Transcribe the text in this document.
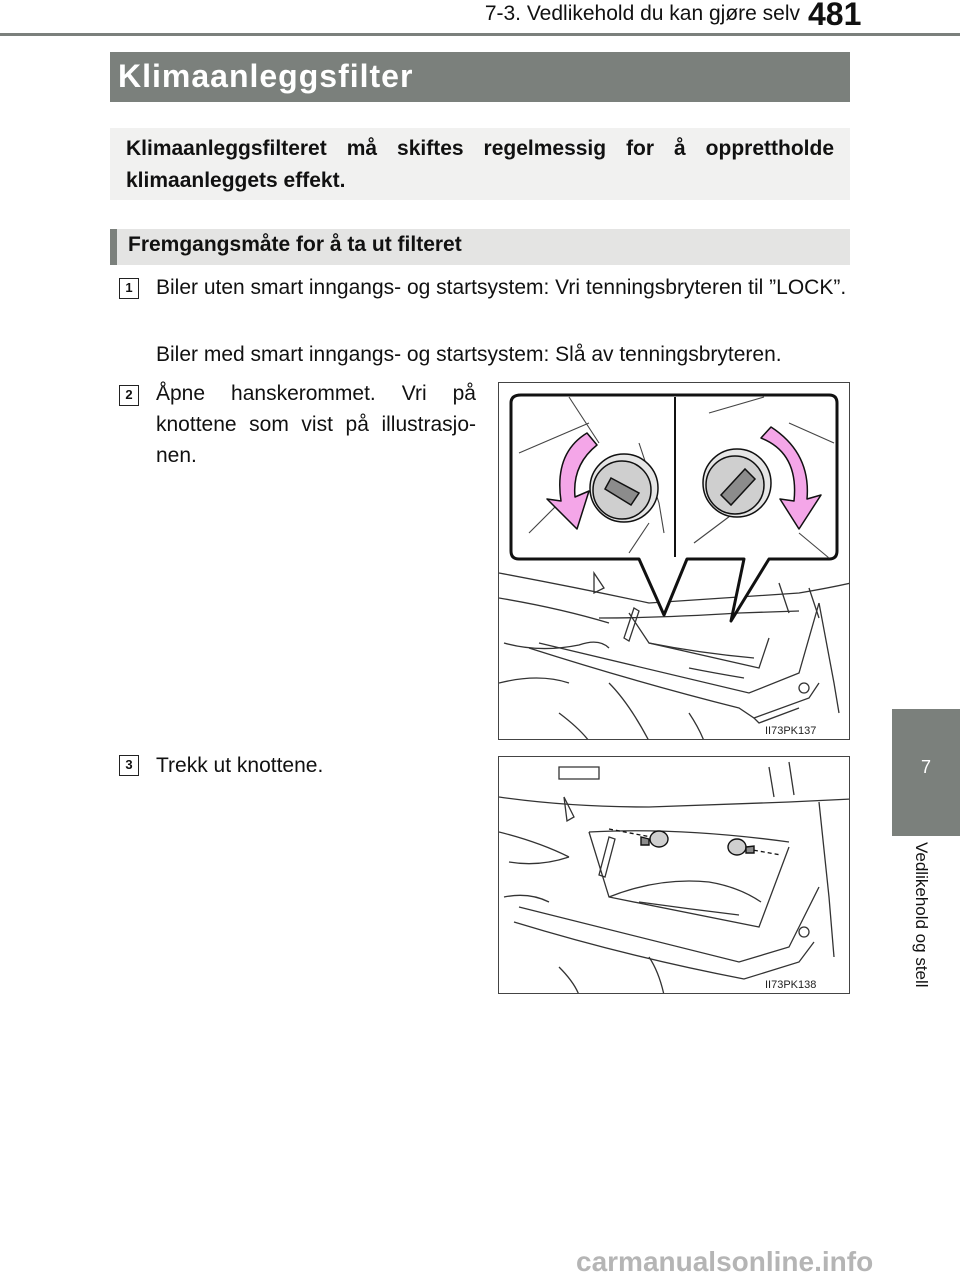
7-3. Vedlikehold du kan gjøre selv 481
Klimaanleggsfilter

Klimaanleggsfilteret må skiftes regelmessig for å opprettholde klimaanleggets effekt.

Fremgangsmåte for å ta ut filteret
1	Biler uten smart inngangs- og startsystem: Vri tenningsbryteren til ”LOCK”.

Biler med smart inngangs- og startsystem: Slå av tenningsbryteren.

2	Åpne hanskerommet. Vri på knottene som vist på illustrasjo-nen.

II73PK137
3	Trekk ut knottene.

II73PK138
7
Vedlikehold og stell
carmanualsonline.info
